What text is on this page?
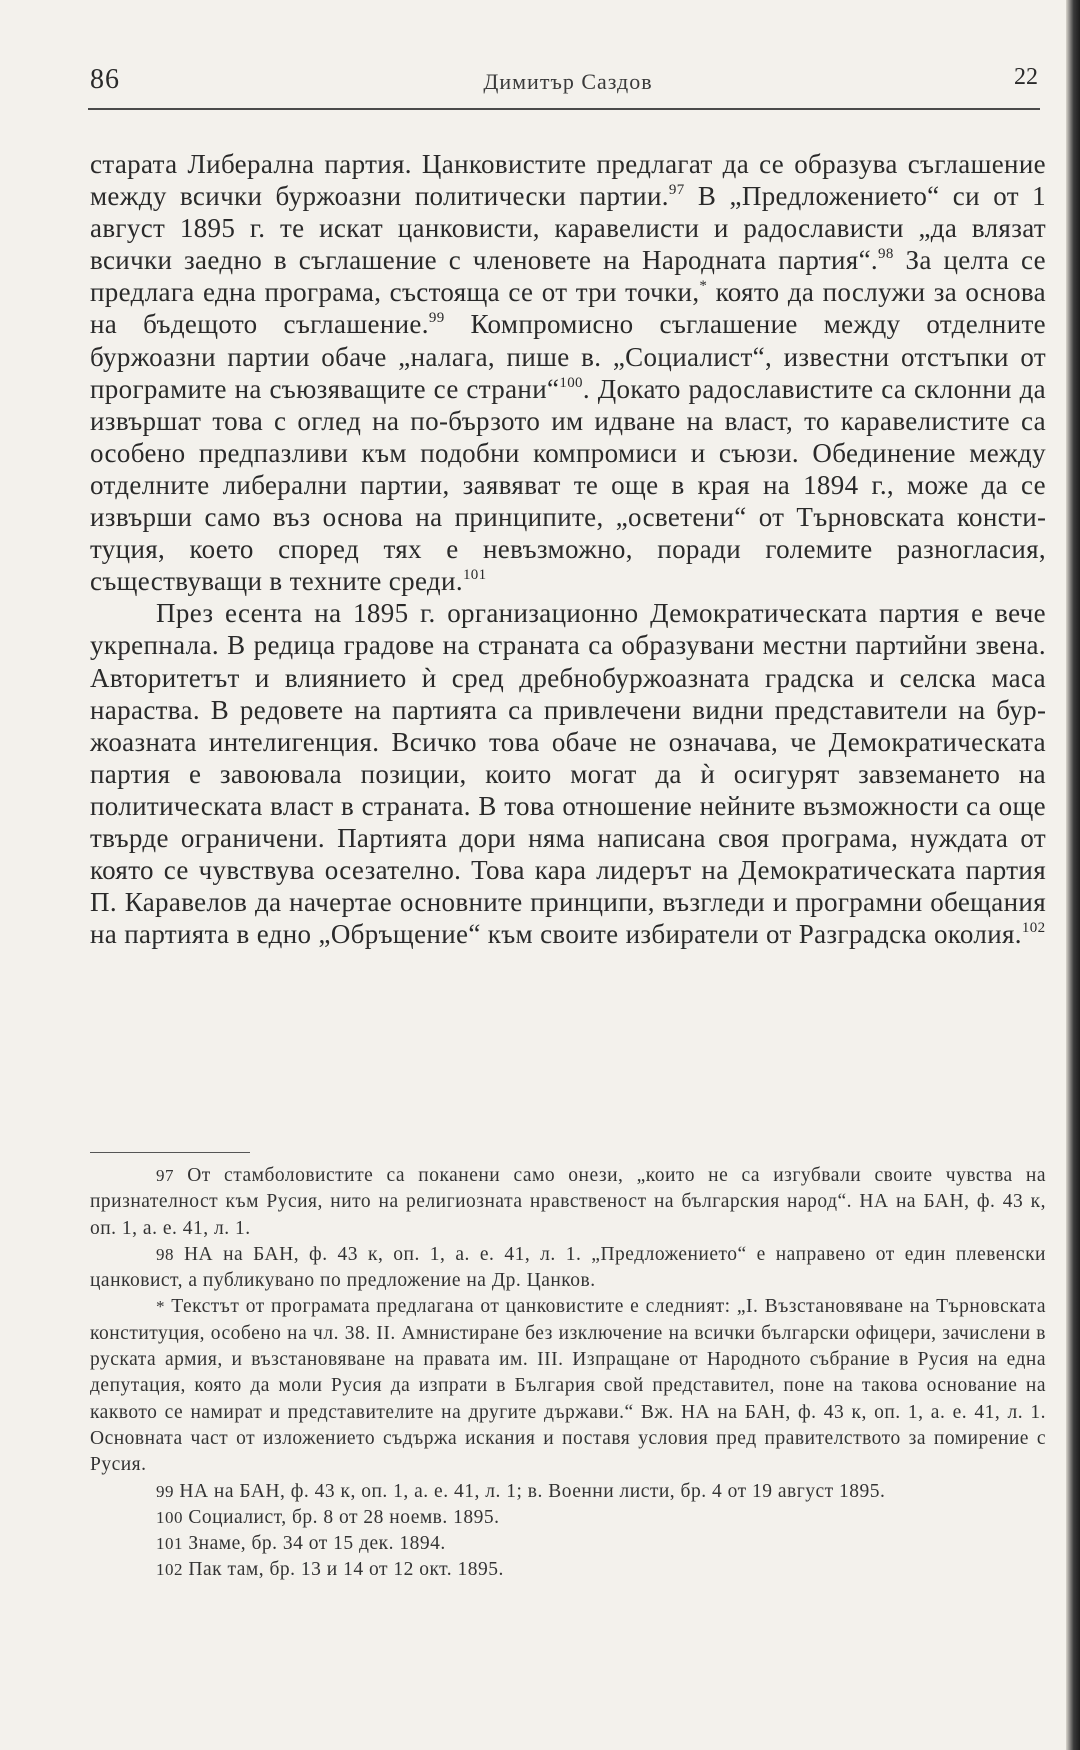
86	Димитър Саздов	22

старата Либерална партия. Цанковистите предлагат да се образува съглашение между всички буржоазни политически партии.$^{97}$ В „Предложението“ си от 1 август 1895 г. те искат цанковисти, каравелисти и радослависти „да влязат всички заедно в съглашение с членовете на Народната партия“.$^{98}$ За целта се предлага една програма, състояща се от три точки,* която да послужи за основа на бъдещото съглашение.$^{99}$ Компромисно съглашение между отделните буржоазни партии обаче „налага, пише в. „Социалист“, известни отстъпки от програмите на съюзяващите се страни“$^{100}$. Докато радославистите са склонни да извършат това с оглед на по-бързото им идване на власт, то каравелистите са особено предпазливи към подобни компромиси и съюзи. Обединение между отделните либерални партии, заявяват те още в края на 1894 г., може да се извърши само въз основа на принципите, „осветени“ от Търновската конституция, което според тях е невъзможно, поради големите разногласия, съществуващи в техните среди.$^{101}$

През есента на 1895 г. организационно Демократическата партия е вече укрепнала. В редица градове на страната са образувани местни партийни звена. Авторитетът и влиянието ѝ сред дребнобуржоазната градска и селска маса нараства. В редовете на партията са привлечени видни представители на буржоазната интелигенция. Всичко това обаче не означава, че Демократическата партия е завоювала позиции, които могат да ѝ осигурят завземането на политическата власт в страната. В това отношение нейните възможности са още твърде ограничени. Партията дори няма написана своя програма, нуждата от която се чувствува осезателно. Това кара лидерът на Демократическата партия П. Каравелов да начертае основните принципи, възгледи и програмни обещания на партията в едно „Обръщение“ към своите избиратели от Разградска околия.$^{102}$

97 От стамболовистите са поканени само онези, „които не са изгубвали своите чувства на признателност към Русия, нито на религиозната нравственост на българския народ“. НА на БАН, ф. 43 к, оп. 1, а. е. 41, л. 1.

98 НА на БАН, ф. 43 к, оп. 1, а. е. 41, л. 1. „Предложението“ е направено от един плевенски цанковист, а публикувано по предложение на Др. Цанков.

* Текстът от програмата предлагана от цанковистите е следният: „I. Възстановяване на Търновската конституция, особено на чл. 38. II. Амнистиране без изключение на всички български офицери, зачислени в руската армия, и възстановяване на правата им. III. Изпращане от Народното събрание в Русия на една депутация, която да моли Русия да изпрати в България свой представител, поне на такова основание на каквото се намират и представителите на другите държави.“ Вж. НА на БАН, ф. 43 к, оп. 1, а. е. 41, л. 1. Основната част от изложението съдържа искания и поставя условия пред правителството за помирение с Русия.

99 НА на БАН, ф. 43 к, оп. 1, а. е. 41, л. 1; в. Военни листи, бр. 4 от 19 август 1895.

100 Социалист, бр. 8 от 28 ноемв. 1895.

101 Знаме, бр. 34 от 15 дек. 1894.

102 Пак там, бр. 13 и 14 от 12 окт. 1895.
